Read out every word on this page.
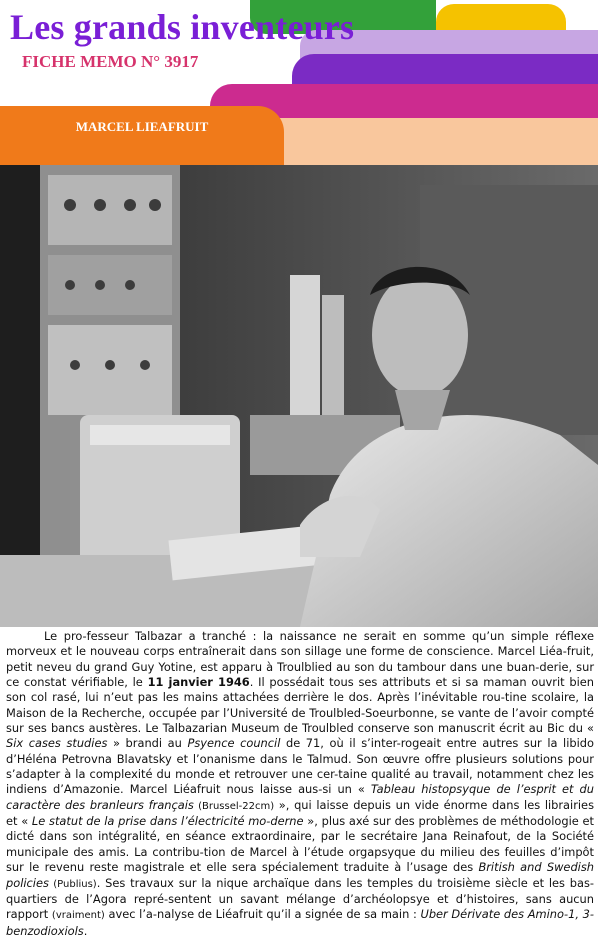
Les grands inventeurs
FICHE MEMO N° 3917
MARCEL LIEAFRUIT

Le pro-fesseur Talbazar a tranché : la naissance ne serait en somme qu’un simple réflexe morveux et le nouveau corps entraînerait dans son sillage une forme de conscience. Marcel Liéa-fruit, petit neveu du grand Guy Yotine, est apparu à Troulblied au son du tambour dans une buan-derie, sur ce constat vérifiable, le 11 janvier 1946. Il possédait tous ses attributs et si sa maman ouvrit bien son col rasé, lui n’eut pas les mains attachées derrière le dos. Après l’inévitable rou-tine scolaire, la Maison de la Recherche, occupée par l’Université de Troulbled-Soeurbonne, se vante de l’avoir compté sur ses bancs austères. Le Talbazarian Museum de Troulbled conserve son manuscrit écrit au Bic du « Six cases studies » brandi au Psyence council de 71, où il s’inter-rogeait entre autres sur la libido d’Héléna Petrovna Blavatsky et l’onanisme dans le Talmud. Son œuvre offre plusieurs solutions pour s’adapter à la complexité du monde et retrouver une cer-taine qualité au travail, notamment chez les indiens d’Amazonie. Marcel Liéafruit nous laisse aus-si un « Tableau histopsyque de l’esprit et du caractère des branleurs français (Brussel-22cm) », qui laisse depuis un vide énorme dans les librairies et « Le statut de la prise dans l’électricité mo-derne », plus axé sur des problèmes de méthodologie et dicté dans son intégralité, en séance extraordinaire, par le secrétaire Jana Reinafout, de la Société municipale des amis. La contribu-tion de Marcel à l’étude orgapsyque du milieu des feuilles d’impôt sur le revenu reste magistrale et elle sera spécialement traduite à l’usage des British and Swedish policies (Publius). Ses travaux sur la nique archaïque dans les temples du troisième siècle et les bas-quartiers de l’Agora repré-sentent un savant mélange d’archéolopsye et d’histoires, sans aucun rapport (vraiment) avec l’a-nalyse de Liéafruit qu’il a signée de sa main : Uber Dérivate des Amino-1, 3-benzodioxiols.
